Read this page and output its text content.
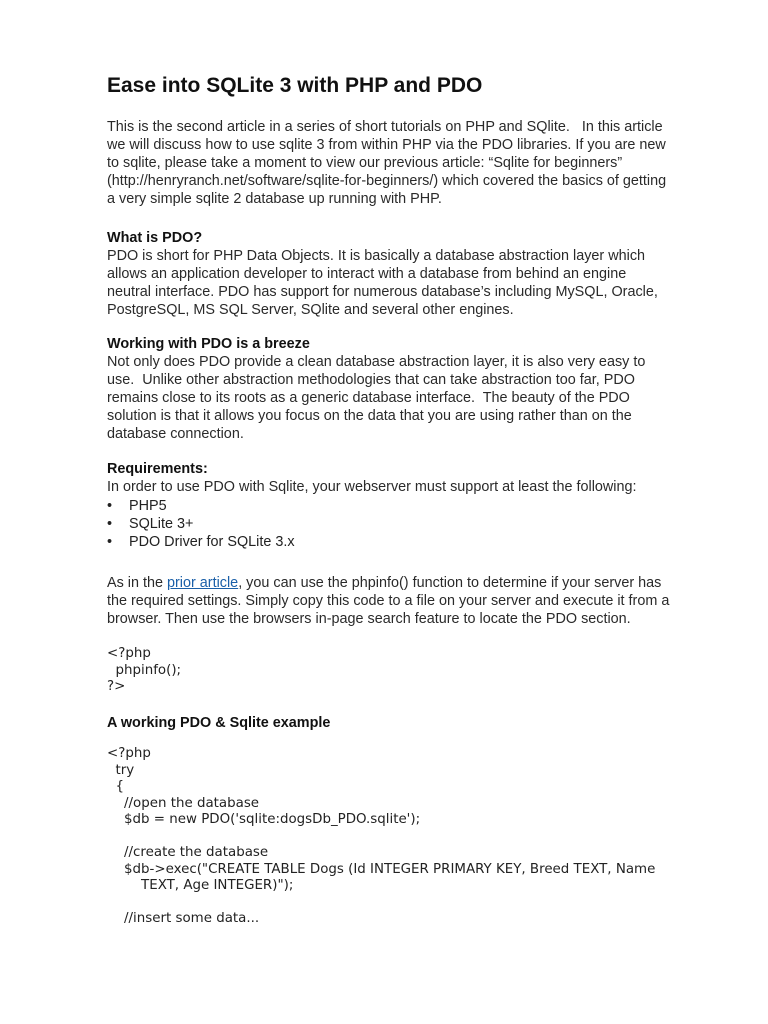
Ease into SQLite 3 with PHP and PDO

This is the second article in a series of short tutorials on PHP and SQlite.   In this article
we will discuss how to use sqlite 3 from within PHP via the PDO libraries. If you are new
to sqlite, please take a moment to view our previous article: “Sqlite for beginners”
(http://henryranch.net/software/sqlite-for-beginners/) which covered the basics of getting
a very simple sqlite 2 database up running with PHP.

What is PDO?
PDO is short for PHP Data Objects. It is basically a database abstraction layer which
allows an application developer to interact with a database from behind an engine
neutral interface. PDO has support for numerous database’s including MySQL, Oracle,
PostgreSQL, MS SQL Server, SQlite and several other engines.

Working with PDO is a breeze
Not only does PDO provide a clean database abstraction layer, it is also very easy to
use.  Unlike other abstraction methodologies that can take abstraction too far, PDO
remains close to its roots as a generic database interface.  The beauty of the PDO
solution is that it allows you focus on the data that you are using rather than on the
database connection.

Requirements:
In order to use PDO with Sqlite, your webserver must support at least the following:

• PHP5
• SQLite 3+
• PDO Driver for SQLite 3.x

As in the prior article, you can use the phpinfo() function to determine if your server has
the required settings. Simply copy this code to a file on your server and execute it from a
browser. Then use the browsers in-page search feature to locate the PDO section.

<?php
phpinfo();
?>

A working PDO & Sqlite example

<?php
try
{
//open the database
$db = new PDO('sqlite:dogsDb_PDO.sqlite');
//create the database
$db->exec("CREATE TABLE Dogs (Id INTEGER PRIMARY KEY, Breed TEXT, Name
TEXT, Age INTEGER)");
//insert some data...
